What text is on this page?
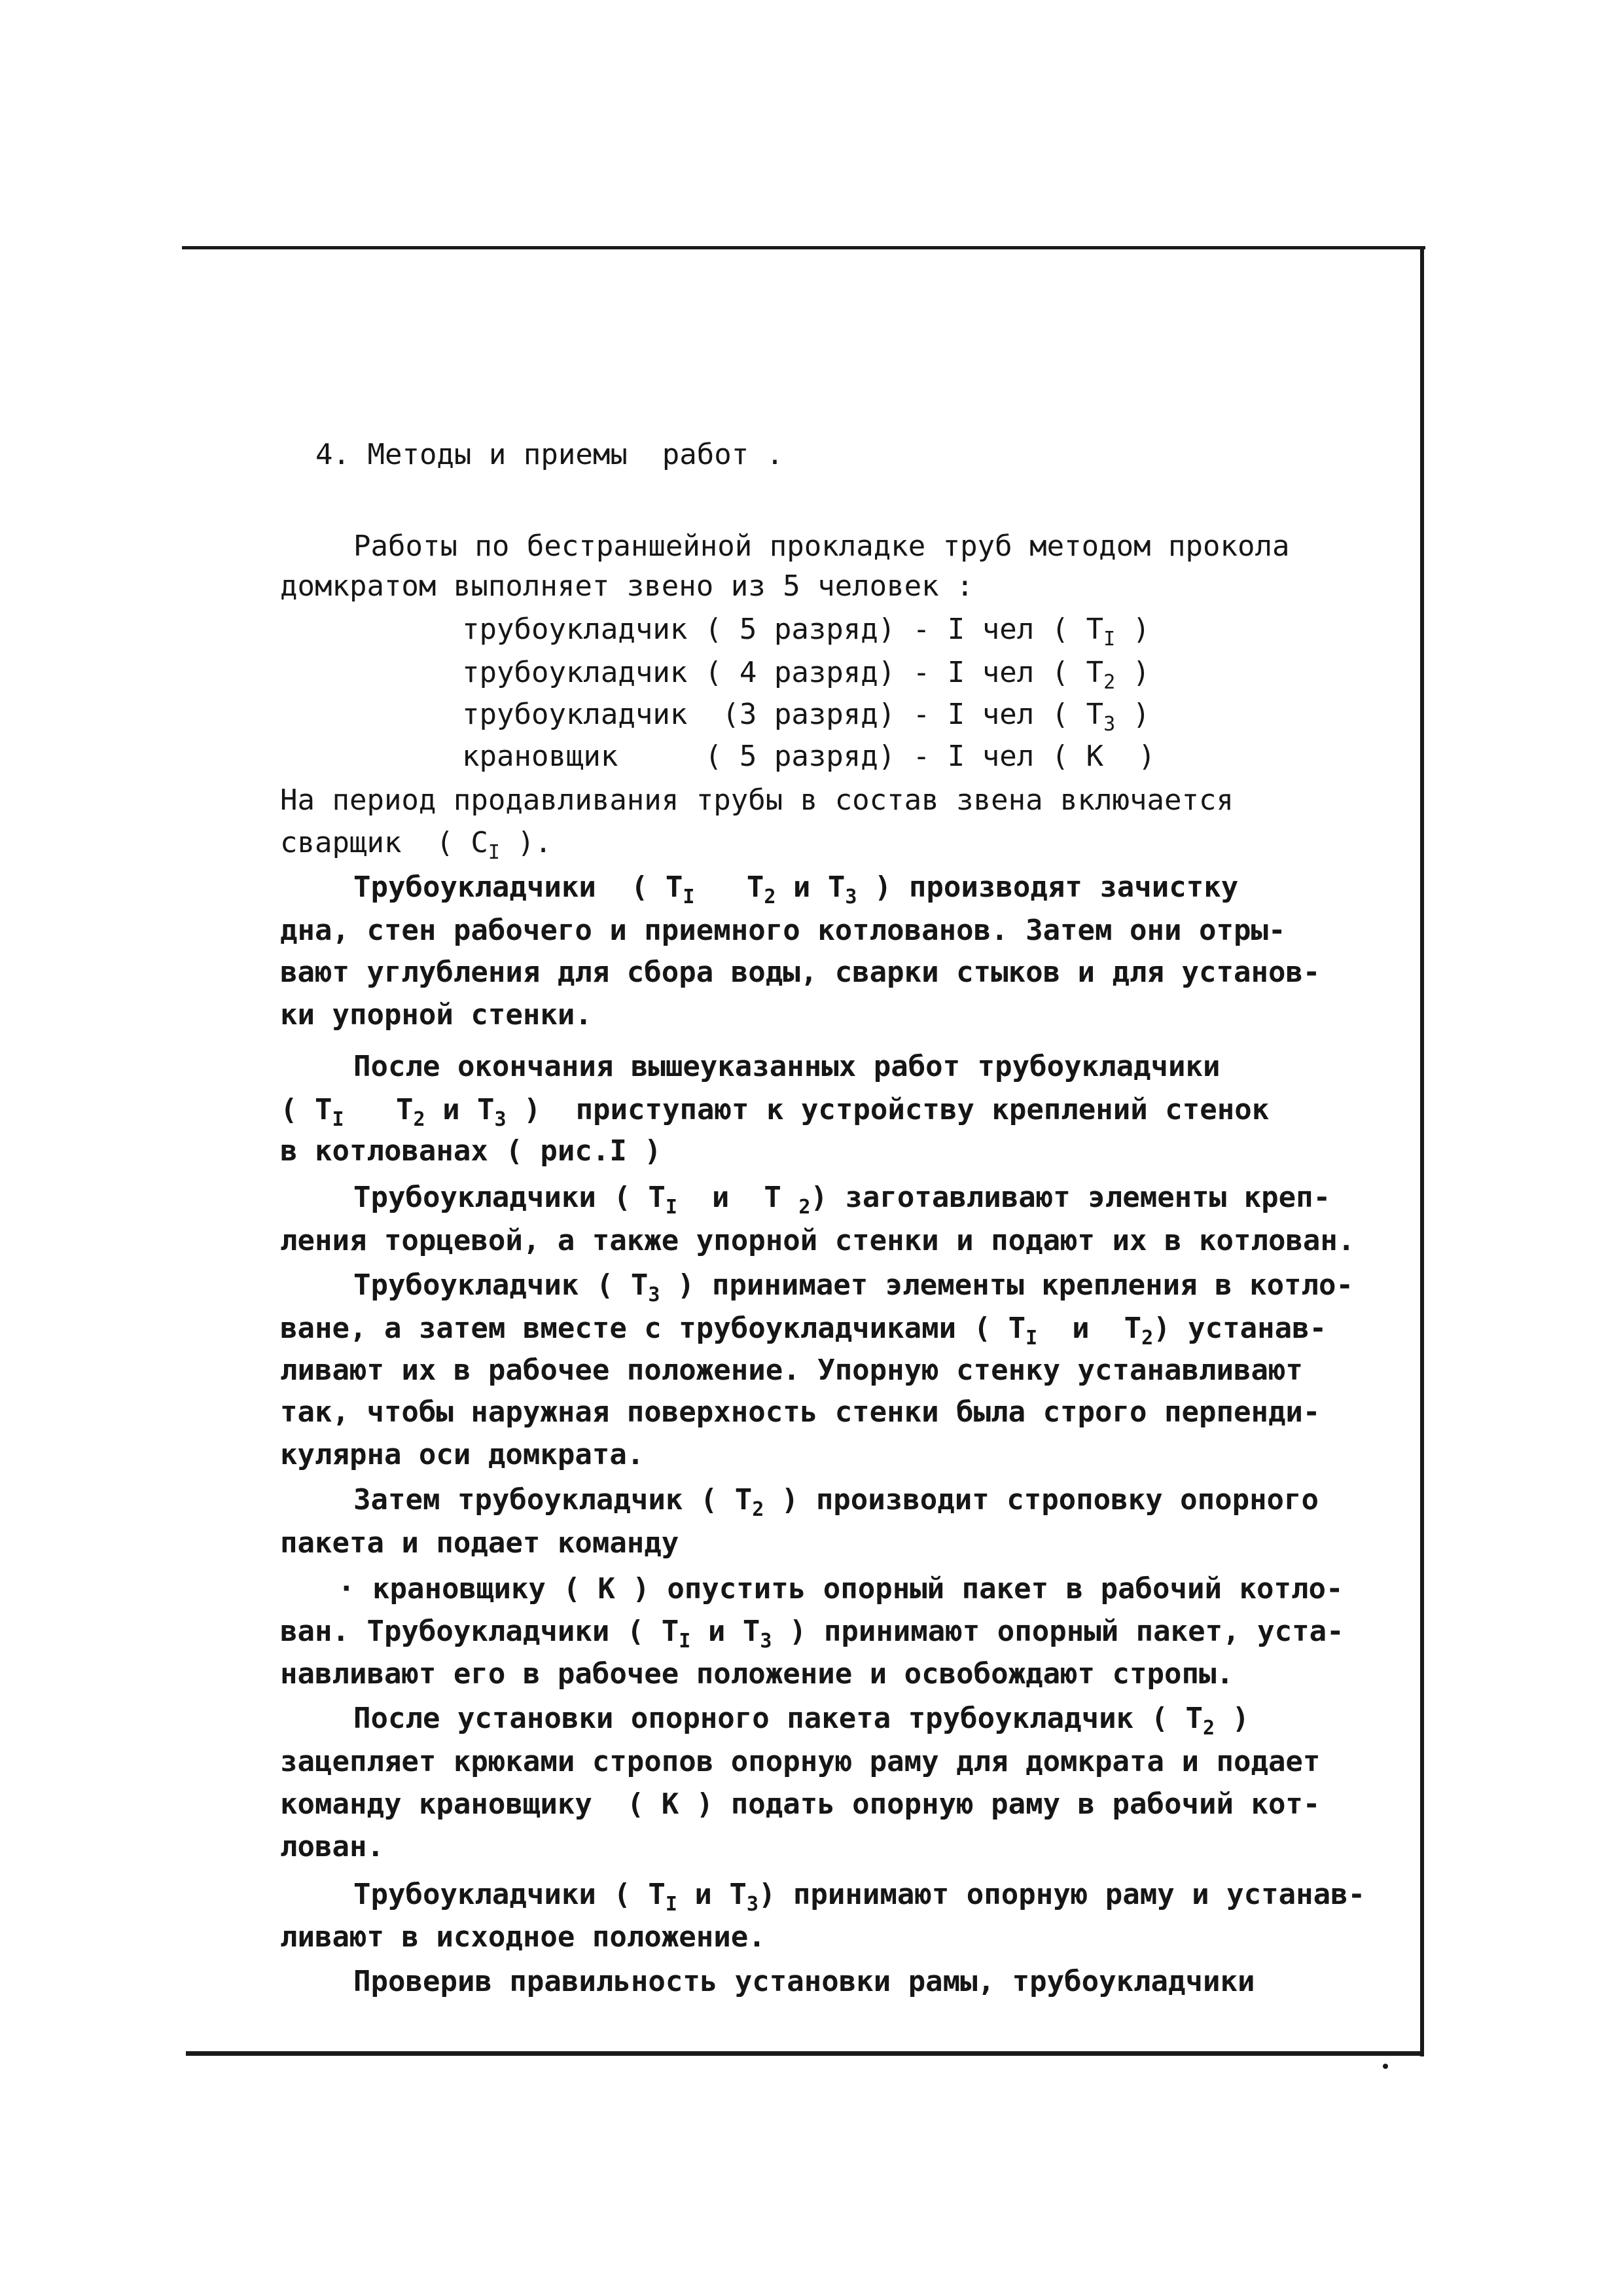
4. Методы и приемы  работ .
Работы по бестраншейной прокладке труб методом прокола
домкратом выполняет звено из 5 человек :
трубоукладчик ( 5 разряд) - I чел ( $Т_I$ )
трубоукладчик ( 4 разряд) - I чел ( $Т_2$ )
трубоукладчик  (3 разряд) - I чел ( $Т_3$ )
крановщик     ( 5 разряд) - I чел ( К  )
На период продавливания трубы в состав звена включается
сварщик  ( $С_I$ ).
Трубоукладчики  ( $Т_I$   $Т_2$ и $Т_3$ ) производят зачистку
дна, стен рабочего и приемного котлованов. Затем они отры-
вают углубления для сбора воды, сварки стыков и для установ-
ки упорной стенки.
После окончания вышеуказанных работ трубоукладчики
( $Т_I$   $Т_2$ и $Т_3$ )  приступают к устройству креплений стенок
в котлованах ( рис.I )
Трубоукладчики ( $Т_I$  и  Т $_2$) заготавливают элементы креп-
ления торцевой, а также упорной стенки и подают их в котлован.
Трубоукладчик ( $Т_3$ ) принимает элементы крепления в котло-
ване, а затем вместе с трубоукладчиками ( $Т_I$  и  $Т_2$) устанав-
ливают их в рабочее положение. Упорную стенку устанавливают
так, чтобы наружная поверхность стенки была строго перпенди-
кулярна оси домкрата.
Затем трубоукладчик ( $Т_2$ ) производит строповку опорного
пакета и подает команду
· крановщику ( К ) опустить опорный пакет в рабочий котло-
ван. Трубоукладчики ( $Т_I$ и $Т_3$ ) принимают опорный пакет, уста-
навливают его в рабочее положение и освобождают стропы.
После установки опорного пакета трубоукладчик ( $Т_2$ )
зацепляет крюками стропов опорную раму для домкрата и подает
команду крановщику  ( К ) подать опорную раму в рабочий кот-
лован.
Трубоукладчики ( $Т_I$ и $Т_3$) принимают опорную раму и устанав-
ливают в исходное положение.
Проверив правильность установки рамы, трубоукладчики
